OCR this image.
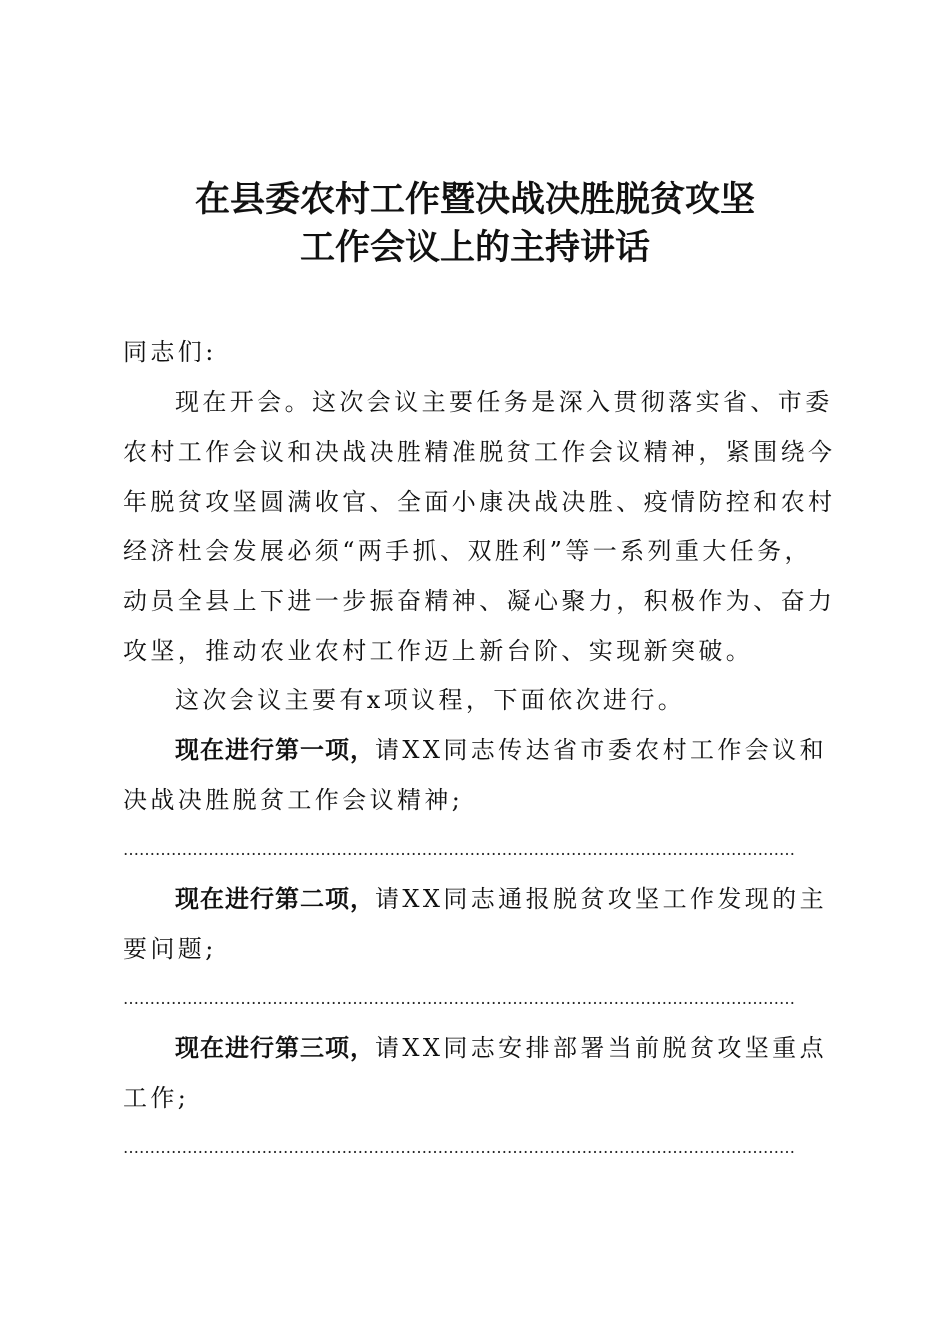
在县委农村工作暨决战决胜脱贫攻坚
工作会议上的主持讲话
同志们:
现在开会。这次会议主要任务是深入贯彻落实省、市委
农村工作会议和决战决胜精准脱贫工作会议精神，紧围绕今
年脱贫攻坚圆满收官、全面小康决战决胜、疫情防控和农村
经济杜会发展必须“两手抓、双胜利”等一系列重大任务，
动员全县上下进一步振奋精神、凝心聚力，积极作为、奋力
攻坚，推动农业农村工作迈上新台阶、实现新突破。
这次会议主要有x项议程，下面依次进行。
现在进行第一项，请XX同志传达省市委农村工作会议和
决战决胜脱贫工作会议精神;
………………………………………………………………………………………………………………
现在进行第二项，请XX同志通报脱贫攻坚工作发现的主
要问题;
………………………………………………………………………………………………………………
现在进行第三项，请XX同志安排部署当前脱贫攻坚重点
工作;
………………………………………………………………………………………………………………
